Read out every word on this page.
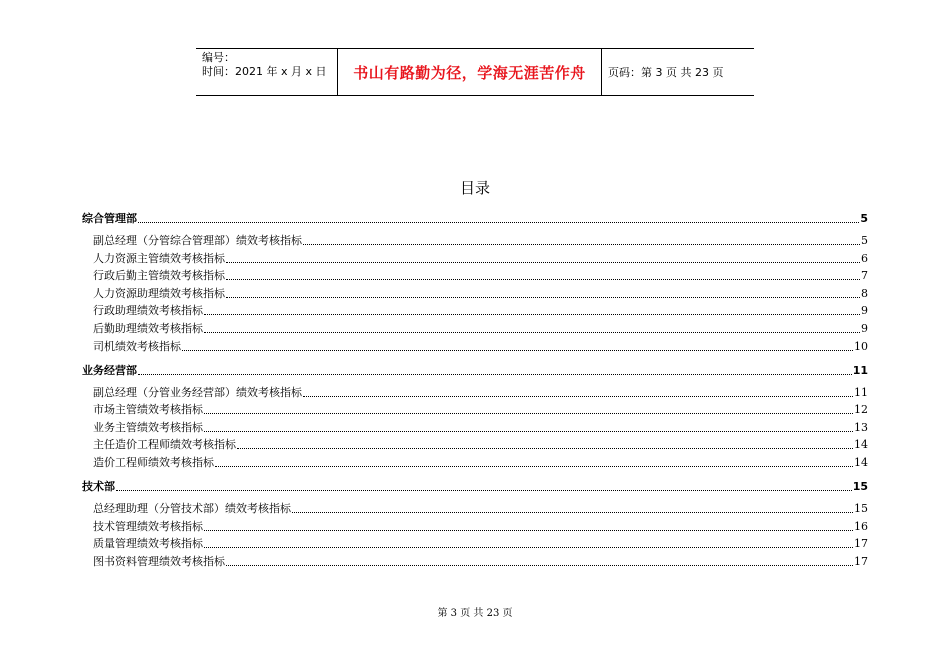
编号：
时间：2021 年 x 月 x 日	书山有路勤为径，学海无涯苦作舟	页码：第 3 页 共 23 页
目录
综合管理部	5
副总经理（分管综合管理部）绩效考核指标	5
人力资源主管绩效考核指标	6
行政后勤主管绩效考核指标	7
人力资源助理绩效考核指标	8
行政助理绩效考核指标	9
后勤助理绩效考核指标	9
司机绩效考核指标	10
业务经营部	11
副总经理（分管业务经营部）绩效考核指标	11
市场主管绩效考核指标	12
业务主管绩效考核指标	13
主任造价工程师绩效考核指标	14
造价工程师绩效考核指标	14
技术部	15
总经理助理（分管技术部）绩效考核指标	15
技术管理绩效考核指标	16
质量管理绩效考核指标	17
图书资料管理绩效考核指标	17
第 3 页 共 23 页
